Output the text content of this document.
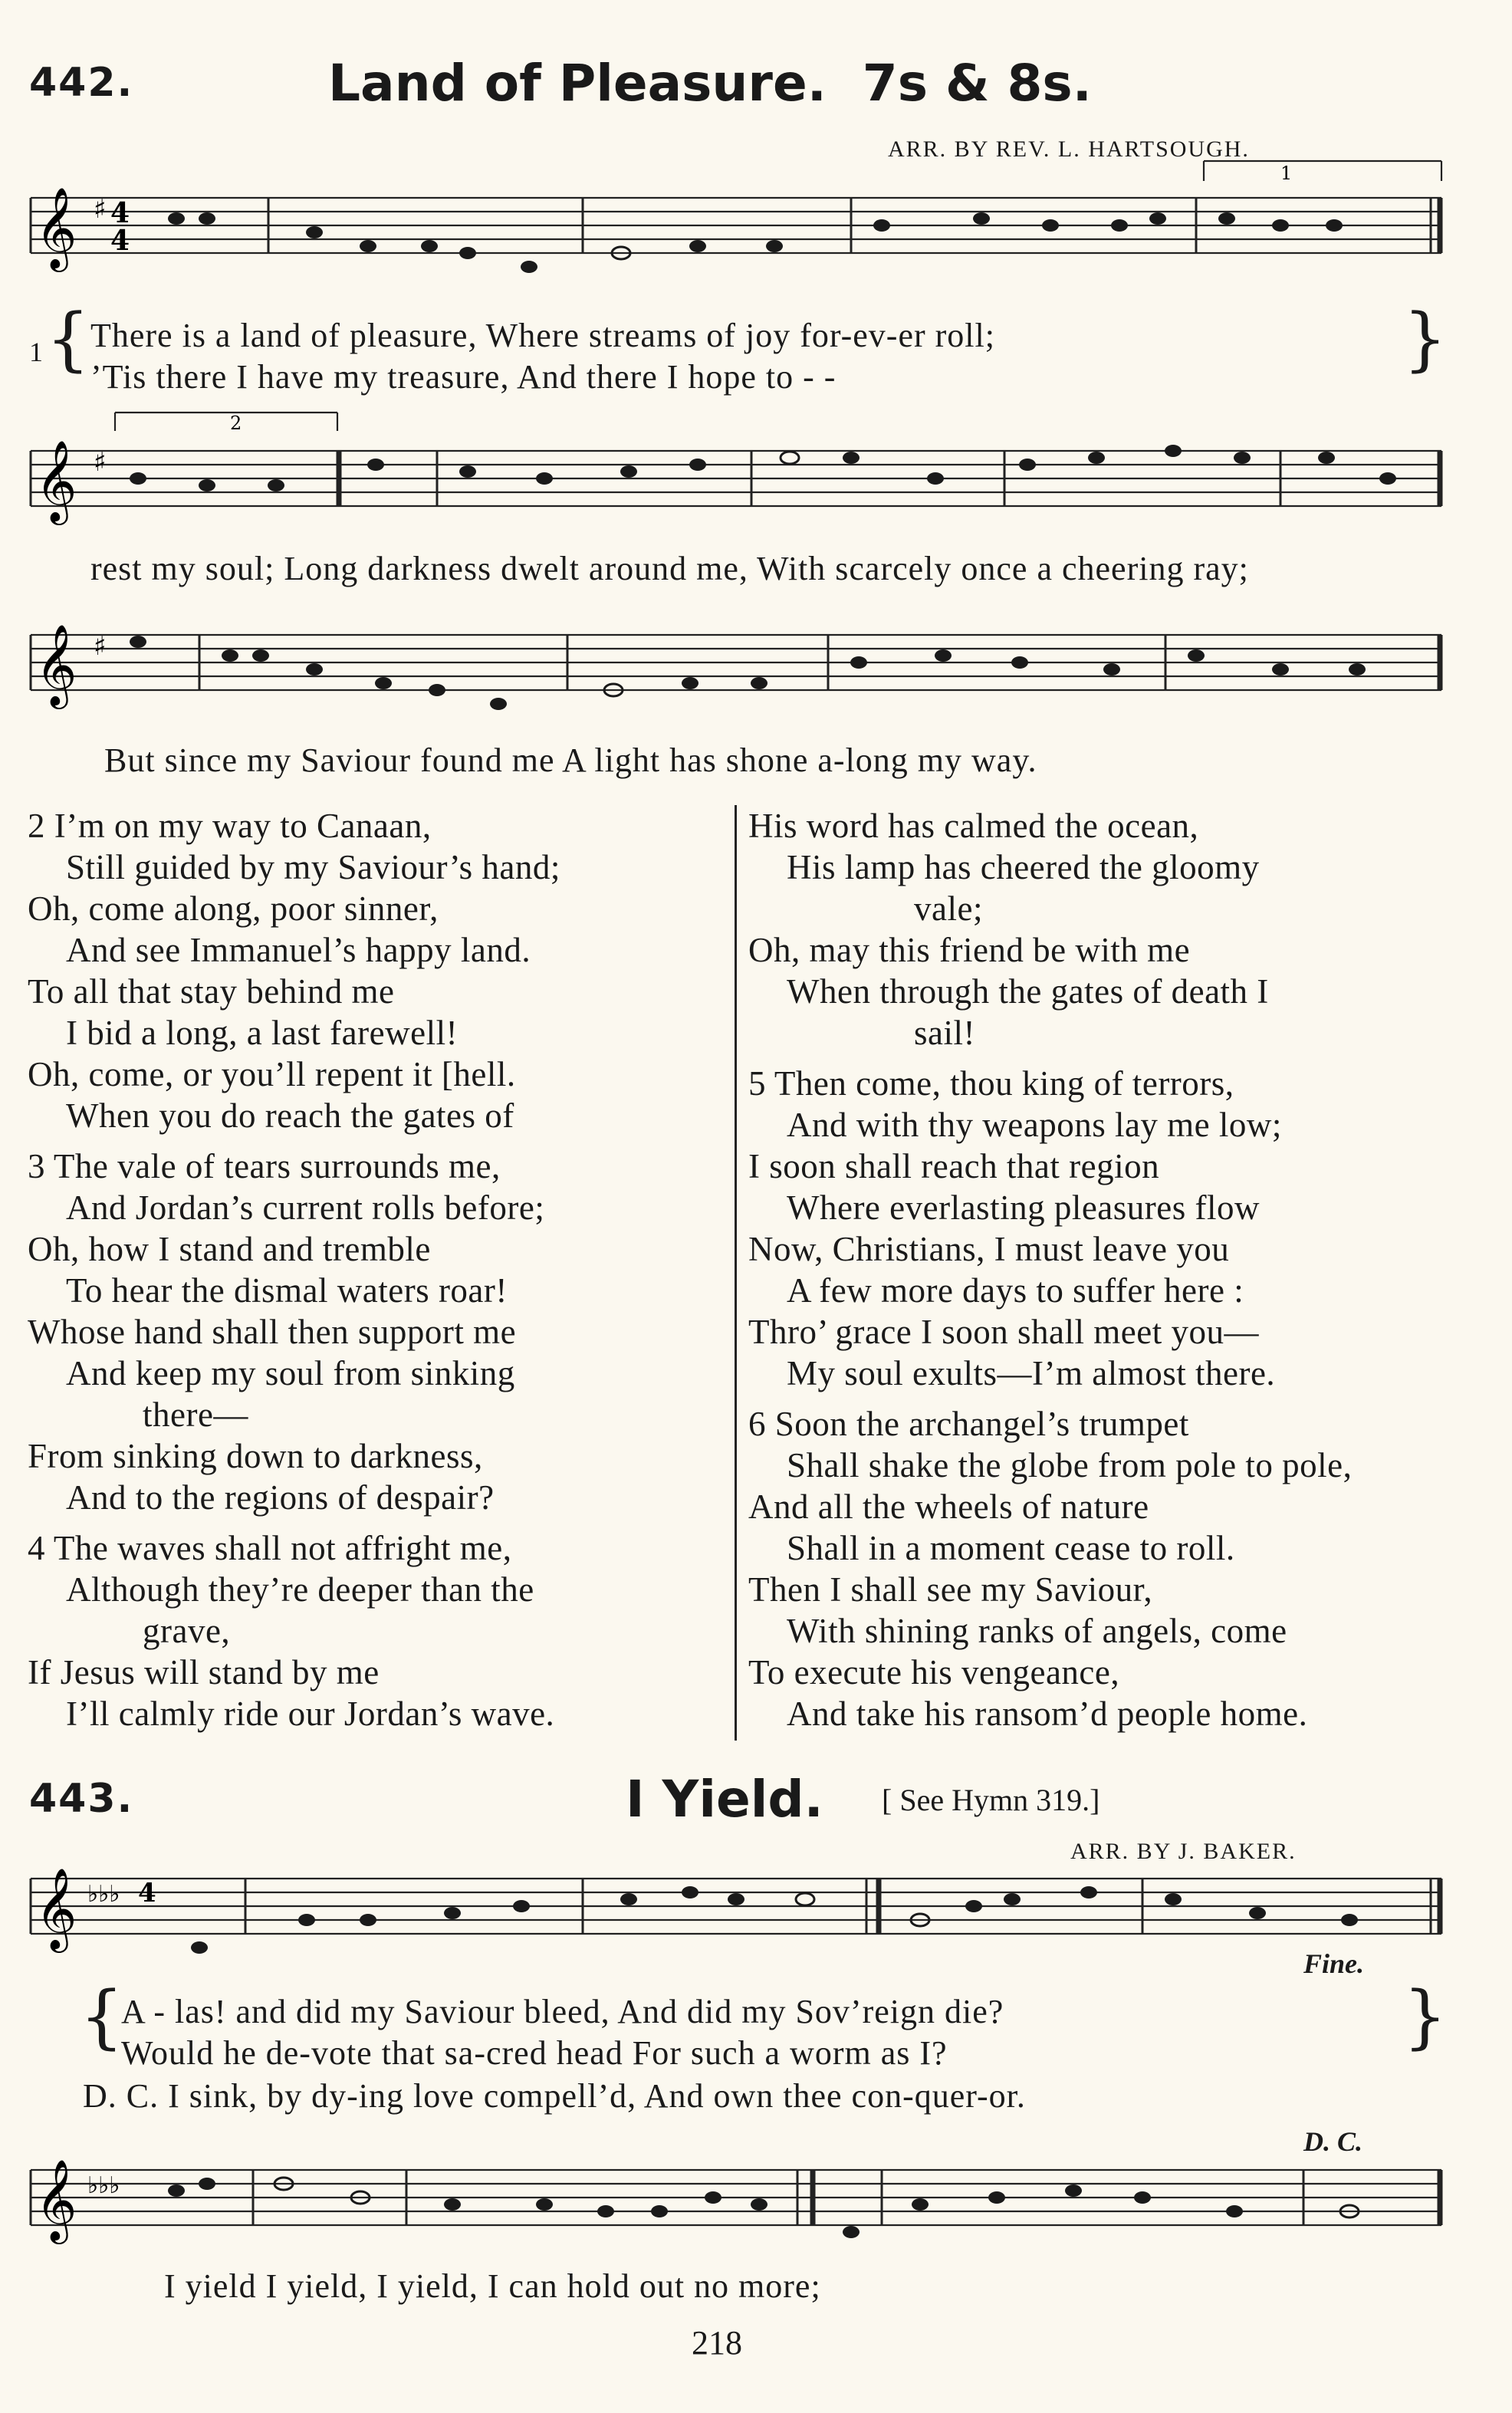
442.	Land of Pleasure. 7s & 8s.
ARR. BY REV. L. HARTSOUGH.
1
𝄞 ♯ 4
4
{
1 There is a land of pleasure, Where streams of joy for-ev-er roll;
’Tis there I have my treasure, And there I hope to - -	}
2
𝄞 ♯
rest my soul; Long darkness dwelt around me, With scarcely once a cheering ray;
𝄞 ♯
But since my Saviour found me A light has shone a-long my way.
2 I’m on my way to Canaan,
Still guided by my Saviour’s hand;
Oh, come along, poor sinner,
And see Immanuel’s happy land.
To all that stay behind me
I bid a long, a last farewell!
Oh, come, or you’ll repent it [hell.
When you do reach the gates of
3 The vale of tears surrounds me,
And Jordan’s current rolls before;
Oh, how I stand and tremble
To hear the dismal waters roar!
Whose hand shall then support me
And keep my soul from sinking
there—
From sinking down to darkness,
And to the regions of despair?
4 The waves shall not affright me,
Although they’re deeper than the
grave,
If Jesus will stand by me
I’ll calmly ride our Jordan’s wave.
His word has calmed the ocean,
His lamp has cheered the gloomy
vale;
Oh, may this friend be with me
When through the gates of death I
sail!
5 Then come, thou king of terrors,
And with thy weapons lay me low;
I soon shall reach that region
Where everlasting pleasures flow
Now, Christians, I must leave you
A few more days to suffer here :
Thro’ grace I soon shall meet you—
My soul exults—I’m almost there.
6 Soon the archangel’s trumpet
Shall shake the globe from pole to pole,
And all the wheels of nature
Shall in a moment cease to roll.
Then I shall see my Saviour,
With shining ranks of angels, come
To execute his vengeance,
And take his ransom’d people home.
443.	I Yield. [ See Hymn 319.]
ARR. BY J. BAKER.
𝄞 ♭♭♭ 4
Fine.
{
A - las! and did my Saviour bleed, And did my Sov’reign die?
Would he de-vote that sa-cred head For such a worm as I?	}
D. C. I sink, by dy-ing love compell’d, And own thee con-quer-or.
D. C.
𝄞 ♭♭♭
I yield I yield, I yield, I can hold out no more;
218
